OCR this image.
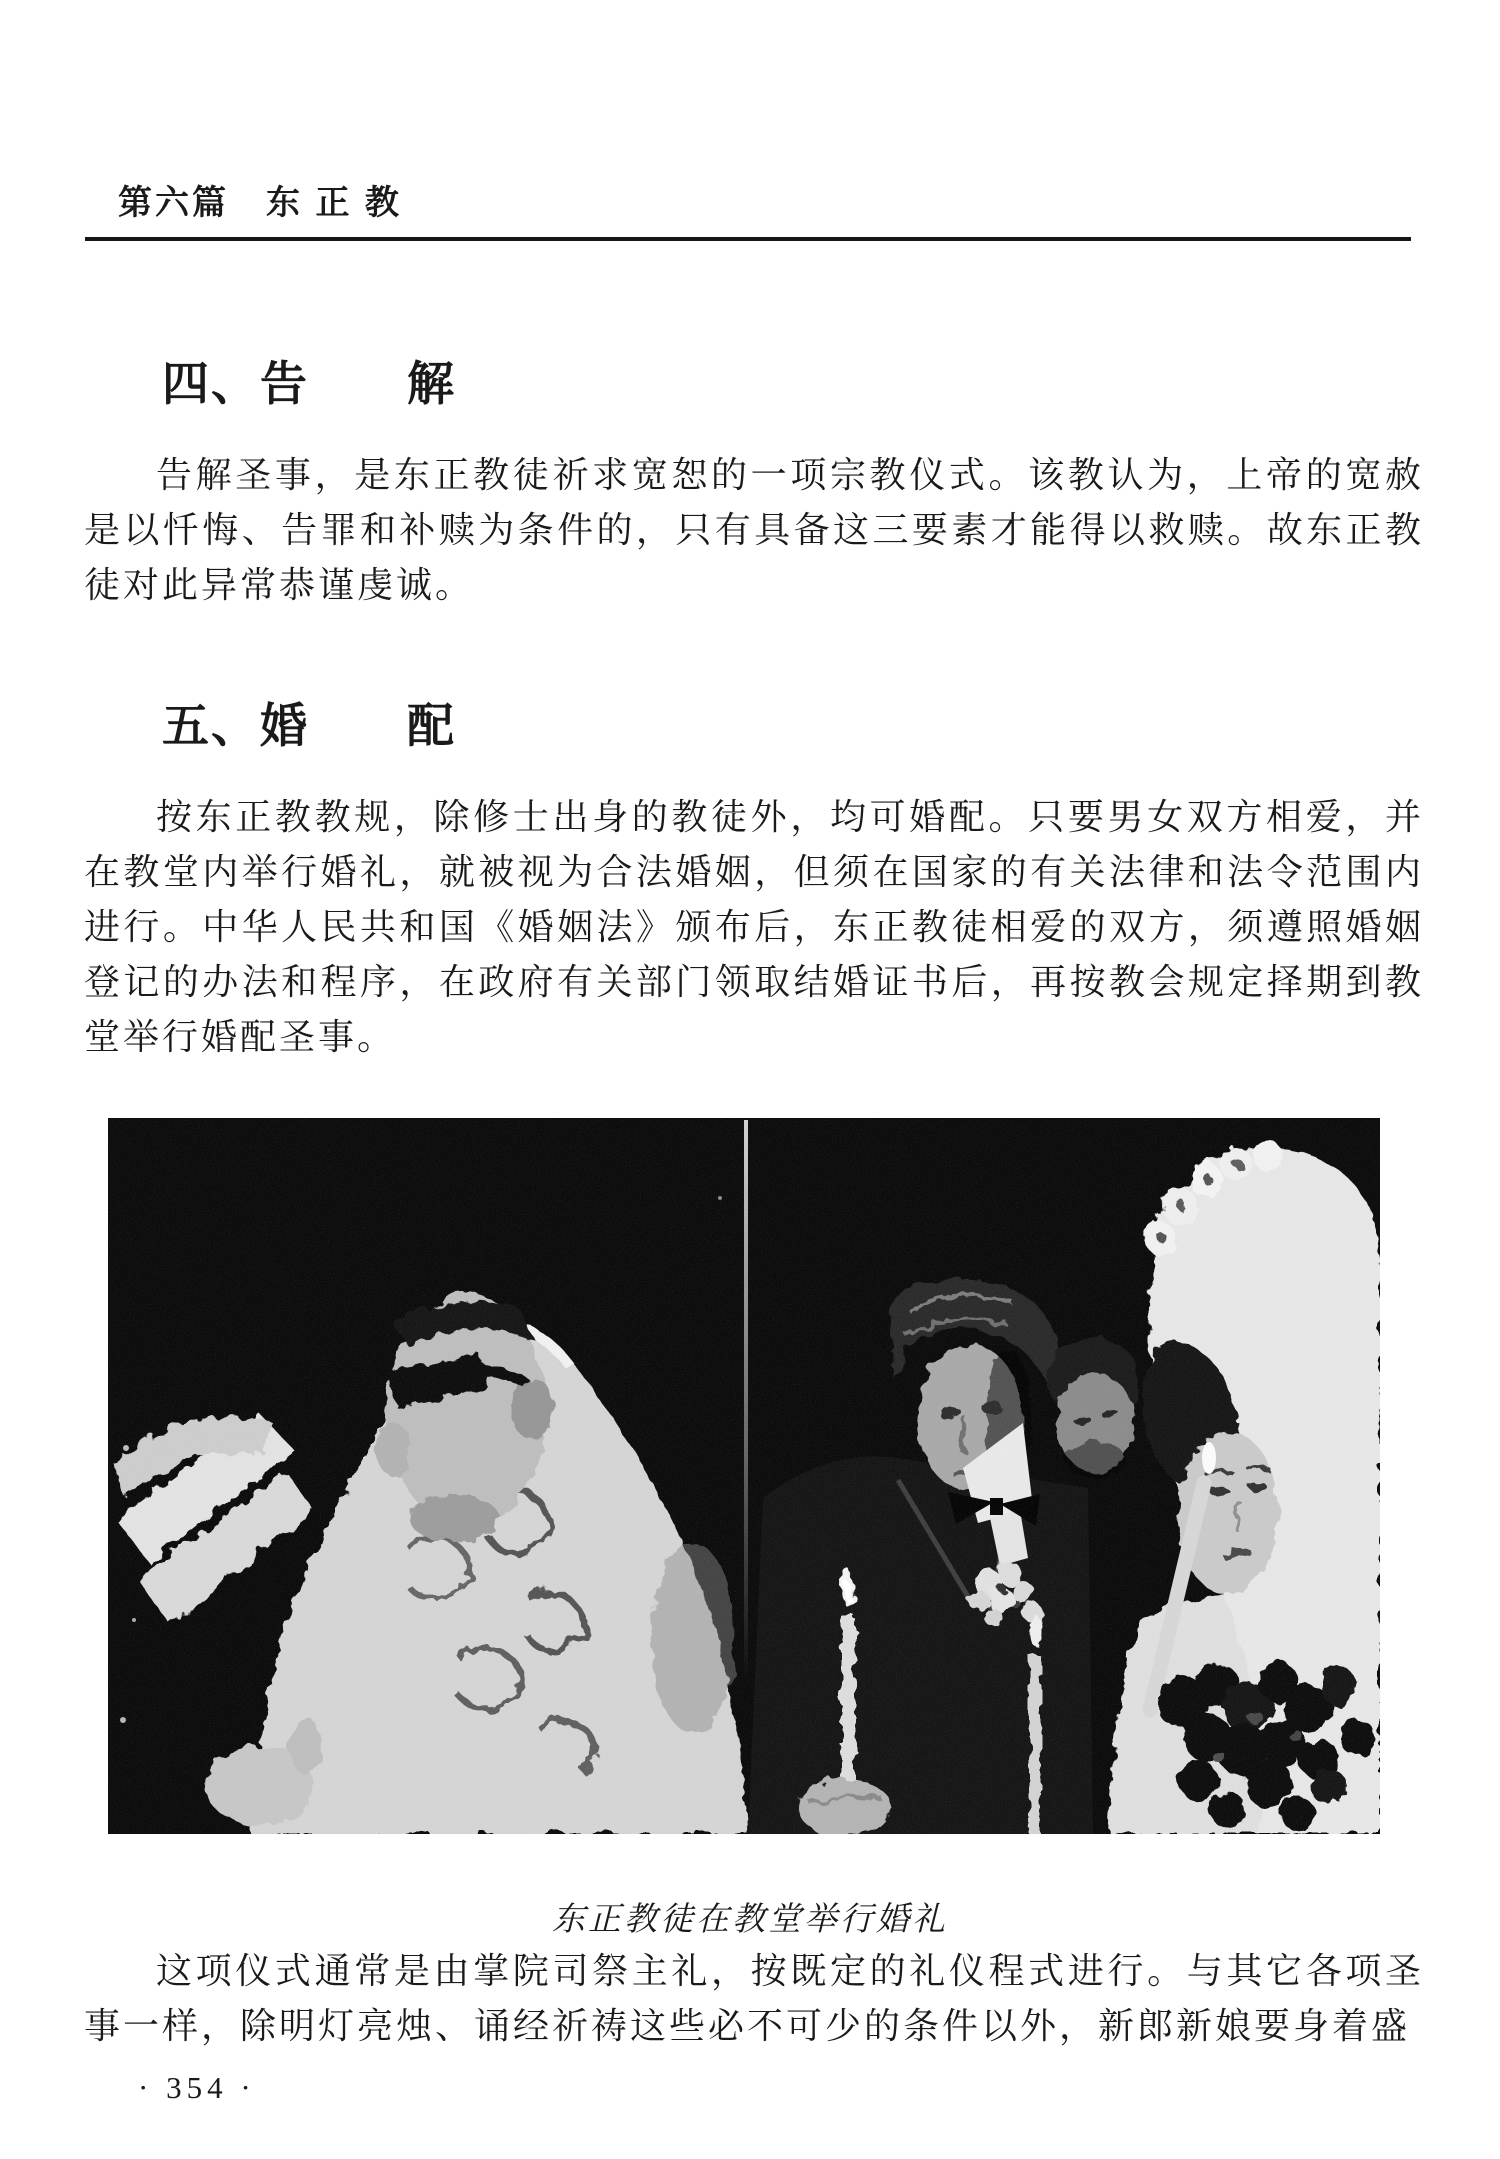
第六篇　东 正 教
四、告　　解
告解圣事，是东正教徒祈求宽恕的一项宗教仪式。该教认为，上帝的宽赦是以忏悔、告罪和补赎为条件的，只有具备这三要素才能得以救赎。故东正教徒对此异常恭谨虔诚。
五、婚　　配
按东正教教规，除修士出身的教徒外，均可婚配。只要男女双方相爱，并在教堂内举行婚礼，就被视为合法婚姻，但须在国家的有关法律和法令范围内进行。中华人民共和国《婚姻法》颁布后，东正教徒相爱的双方，须遵照婚姻登记的办法和程序，在政府有关部门领取结婚证书后，再按教会规定择期到教堂举行婚配圣事。
东正教徒在教堂举行婚礼
这项仪式通常是由掌院司祭主礼，按既定的礼仪程式进行。与其它各项圣事一样，除明灯亮烛、诵经祈祷这些必不可少的条件以外，新郎新娘要身着盛
· 354 ·
